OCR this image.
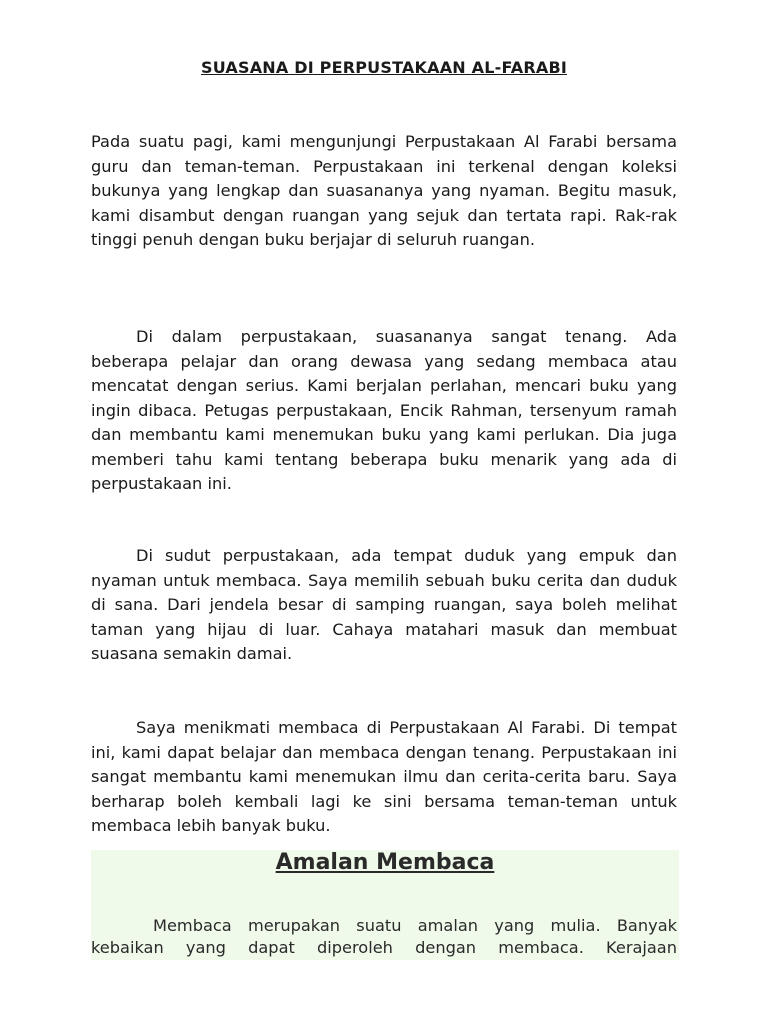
SUASANA DI PERPUSTAKAAN AL-FARABI

Pada suatu pagi, kami mengunjungi Perpustakaan Al Farabi bersama guru dan teman-teman. Perpustakaan ini terkenal dengan koleksi bukunya yang lengkap dan suasananya yang nyaman. Begitu masuk, kami disambut dengan ruangan yang sejuk dan tertata rapi. Rak-rak tinggi penuh dengan buku berjajar di seluruh ruangan.

Di dalam perpustakaan, suasananya sangat tenang. Ada beberapa pelajar dan orang dewasa yang sedang membaca atau mencatat dengan serius. Kami berjalan perlahan, mencari buku yang ingin dibaca. Petugas perpustakaan, Encik Rahman, tersenyum ramah dan membantu kami menemukan buku yang kami perlukan. Dia juga memberi tahu kami tentang beberapa buku menarik yang ada di perpustakaan ini.

Di sudut perpustakaan, ada tempat duduk yang empuk dan nyaman untuk membaca. Saya memilih sebuah buku cerita dan duduk di sana. Dari jendela besar di samping ruangan, saya boleh melihat taman yang hijau di luar. Cahaya matahari masuk dan membuat suasana semakin damai.

Saya menikmati membaca di Perpustakaan Al Farabi. Di tempat ini, kami dapat belajar dan membaca dengan tenang. Perpustakaan ini sangat membantu kami menemukan ilmu dan cerita-cerita baru. Saya berharap boleh kembali lagi ke sini bersama teman-teman untuk membaca lebih banyak buku.

Amalan Membaca

Membaca merupakan suatu amalan yang mulia. Banyak kebaikan yang dapat diperoleh dengan membaca. Kerajaan
